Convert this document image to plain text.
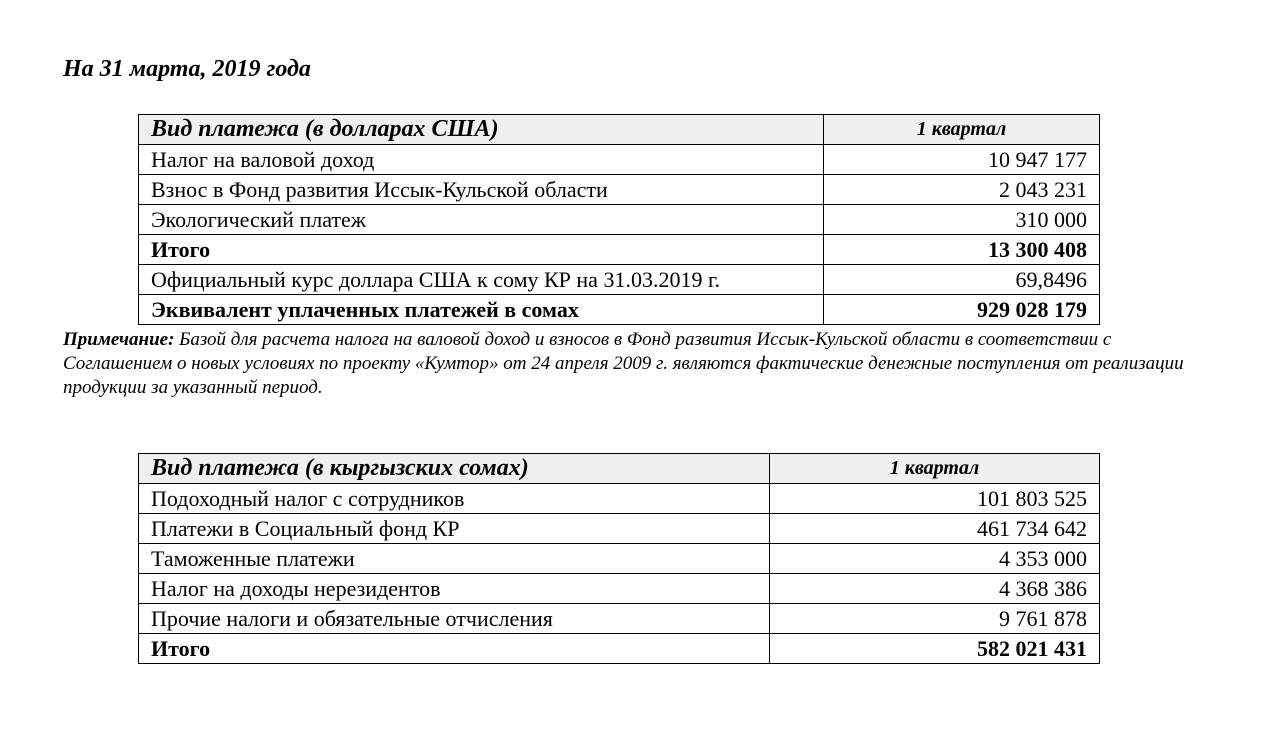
На 31 марта, 2019 года
Вид платежа (в долларах США)	1 квартал
Налог на валовой доход	10 947 177
Взнос в Фонд развития Иссык-Кульской области	2 043 231
Экологический платеж	310 000
Итого	13 300 408
Официальный курс доллара США к сому КР на 31.03.2019 г.	69,8496
Эквивалент уплаченных платежей в сомах	929 028 179
Примечание: Базой для расчета налога на валовой доход и взносов в Фонд развития Иссык-Кульской области в соответствии с Соглашением о новых условиях по проекту «Кумтор» от 24 апреля 2009 г. являются фактические денежные поступления от реализации продукции за указанный период.
Вид платежа (в кыргызских сомах)	1 квартал
Подоходный налог с сотрудников	101 803 525
Платежи в Социальный фонд КР	461 734 642
Таможенные платежи	4 353 000
Налог на доходы нерезидентов	4 368 386
Прочие налоги и обязательные отчисления	9 761 878
Итого	582 021 431
